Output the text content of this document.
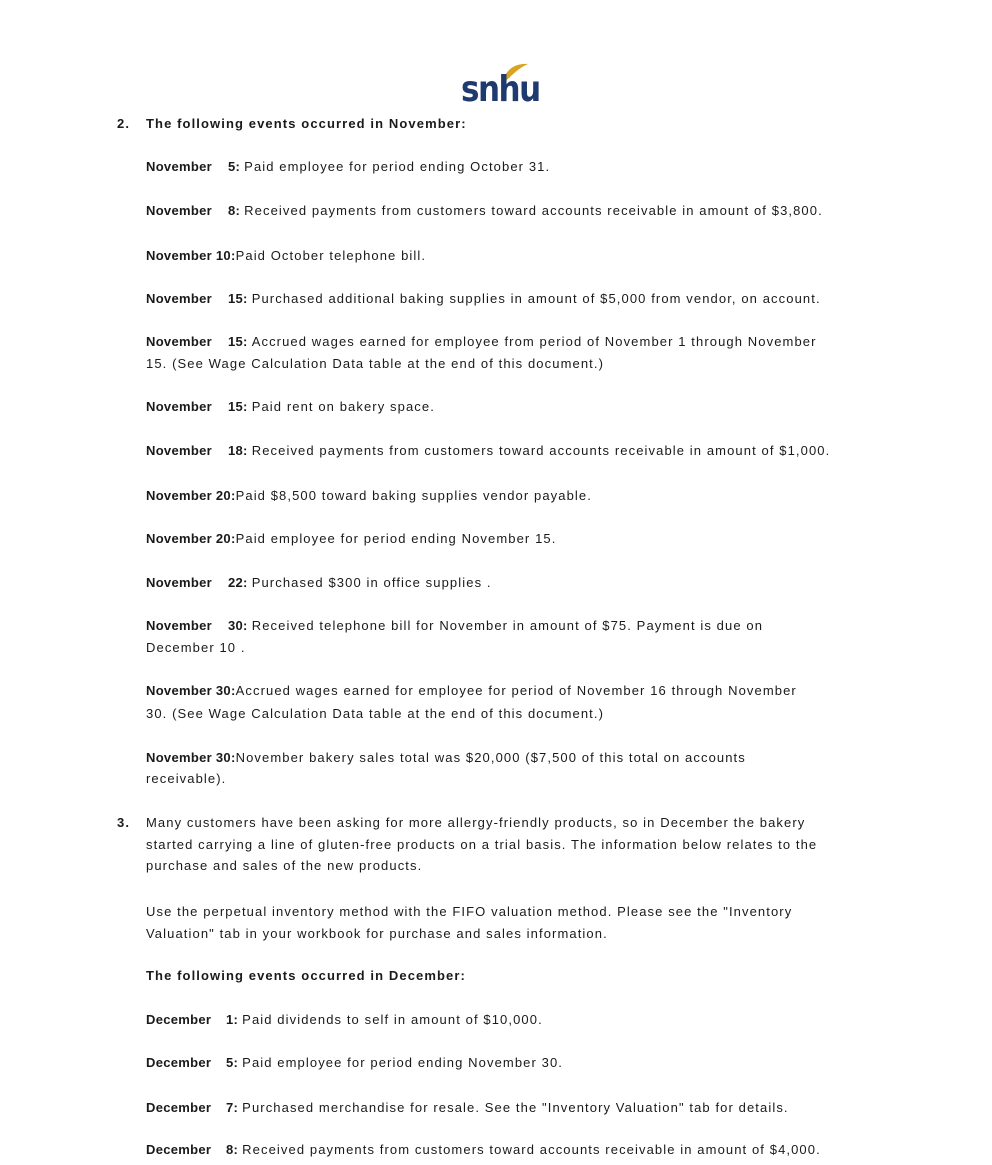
snhu
2. The following events occurred in November:
November 5: Paid employee for period ending October 31.
November 8: Received payments from customers toward accounts receivable in amount of $3,800.
November 10:Paid October telephone bill.
November 15: Purchased additional baking supplies in amount of $5,000 from vendor, on account.
November 15: Accrued wages earned for employee from period of November 1 through November
15. (See Wage Calculation Data table at the end of this document.)
November 15: Paid rent on bakery space.
November 18: Received payments from customers toward accounts receivable in amount of $1,000.
November 20:Paid $8,500 toward baking supplies vendor payable.
November 20:Paid employee for period ending November 15.
November 22: Purchased $300 in office supplies .
November 30: Received telephone bill for November in amount of $75. Payment is due on
December 10 .
November 30:Accrued wages earned for employee for period of November 16 through November
30. (See Wage Calculation Data table at the end of this document.)
November 30:November bakery sales total was $20,000 ($7,500 of this total on accounts
receivable).
3. Many customers have been asking for more allergy-friendly products, so in December the bakery
started carrying a line of gluten-free products on a trial basis. The information below relates to the
purchase and sales of the new products.
Use the perpetual inventory method with the FIFO valuation method. Please see the "Inventory
Valuation" tab in your workbook for purchase and sales information.
The following events occurred in December:
December 1: Paid dividends to self in amount of $10,000.
December 5: Paid employee for period ending November 30.
December 7: Purchased merchandise for resale. See the "Inventory Valuation" tab for details.
December 8: Received payments from customers toward accounts receivable in amount of $4,000.
